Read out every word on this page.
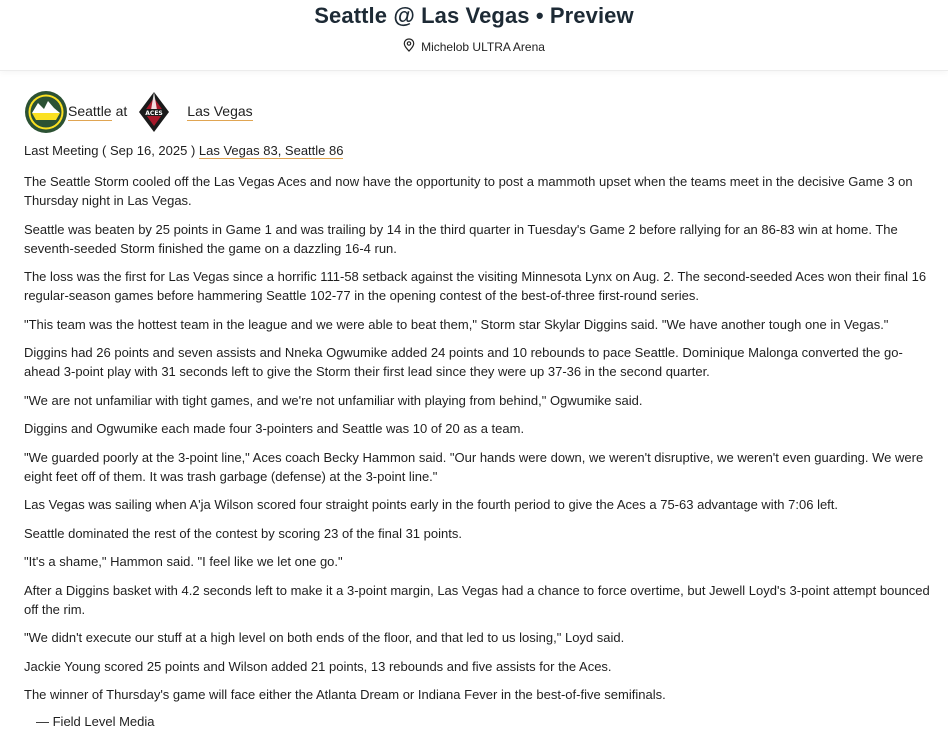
Seattle @ Las Vegas • Preview
Michelob ULTRA Arena
Seattle at	ACES Las Vegas

Last Meeting ( Sep 16, 2025 ) Las Vegas 83, Seattle 86

The Seattle Storm cooled off the Las Vegas Aces and now have the opportunity to post a mammoth upset when the teams meet in the decisive Game 3 on Thursday night in Las Vegas.

Seattle was beaten by 25 points in Game 1 and was trailing by 14 in the third quarter in Tuesday's Game 2 before rallying for an 86-83 win at home. The seventh-seeded Storm finished the game on a dazzling 16-4 run.

The loss was the first for Las Vegas since a horrific 111-58 setback against the visiting Minnesota Lynx on Aug. 2. The second-seeded Aces won their final 16 regular-season games before hammering Seattle 102-77 in the opening contest of the best-of-three first-round series.

"This team was the hottest team in the league and we were able to beat them," Storm star Skylar Diggins said. "We have another tough one in Vegas."

Diggins had 26 points and seven assists and Nneka Ogwumike added 24 points and 10 rebounds to pace Seattle. Dominique Malonga converted the go-ahead 3-point play with 31 seconds left to give the Storm their first lead since they were up 37-36 in the second quarter.

"We are not unfamiliar with tight games, and we're not unfamiliar with playing from behind," Ogwumike said.

Diggins and Ogwumike each made four 3-pointers and Seattle was 10 of 20 as a team.

"We guarded poorly at the 3-point line," Aces coach Becky Hammon said. "Our hands were down, we weren't disruptive, we weren't even guarding. We were eight feet off of them. It was trash garbage (defense) at the 3-point line."

Las Vegas was sailing when A'ja Wilson scored four straight points early in the fourth period to give the Aces a 75-63 advantage with 7:06 left.

Seattle dominated the rest of the contest by scoring 23 of the final 31 points.

"It's a shame," Hammon said. "I feel like we let one go."

After a Diggins basket with 4.2 seconds left to make it a 3-point margin, Las Vegas had a chance to force overtime, but Jewell Loyd's 3-point attempt bounced off the rim.

"We didn't execute our stuff at a high level on both ends of the floor, and that led to us losing," Loyd said.

Jackie Young scored 25 points and Wilson added 21 points, 13 rebounds and five assists for the Aces.

The winner of Thursday's game will face either the Atlanta Dream or Indiana Fever in the best-of-five semifinals.

— Field Level Media
